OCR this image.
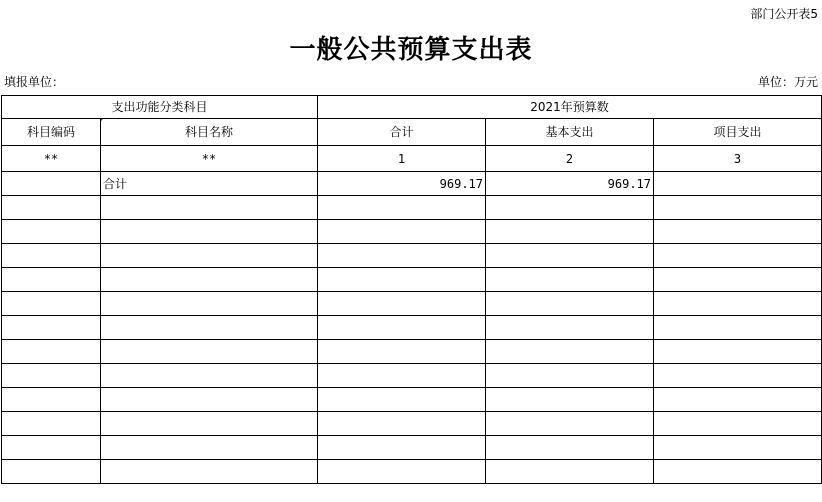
部门公开表5
一般公共预算支出表
填报单位：	单位：万元
支出功能分类科目		2021年预算数		
科目编码	科目名称	合计	基本支出	项目支出
**	**	1	2	3
	合计	969.17	969.17	
